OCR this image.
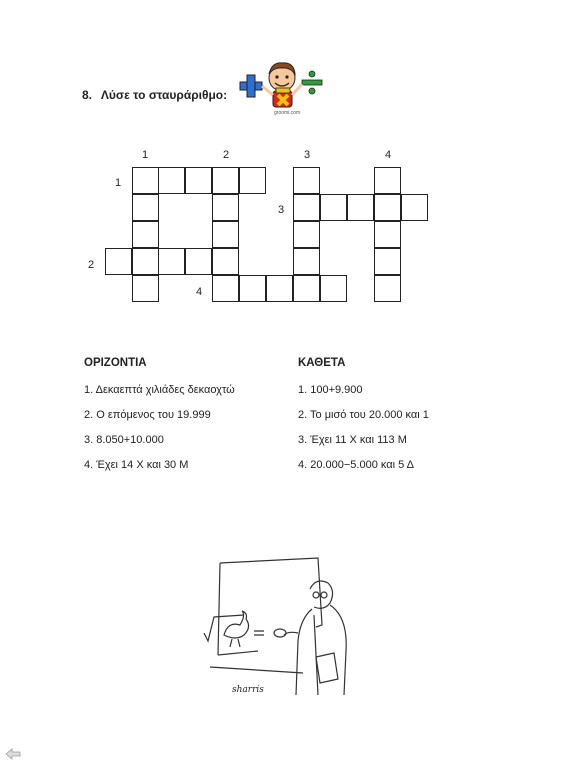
8. Λύσε το σταυράριθμο:
groomi.com
1	2	3	4
1
3
2
4
ΟΡΙΖΟΝΤΙΑ
1. Δεκαεπτά χιλιάδες δεκαοχτώ
2. Ο επόμενος του 19.999
3. 8.050+10.000
4. Έχει 14 Χ και 30 Μ
ΚΑΘΕΤΑ
1. 100+9.900
2. Το μισό του 20.000 και 1
3. Έχει 11 Χ και 113 Μ
4. 20.000−5.000 και 5 Δ
sharris
